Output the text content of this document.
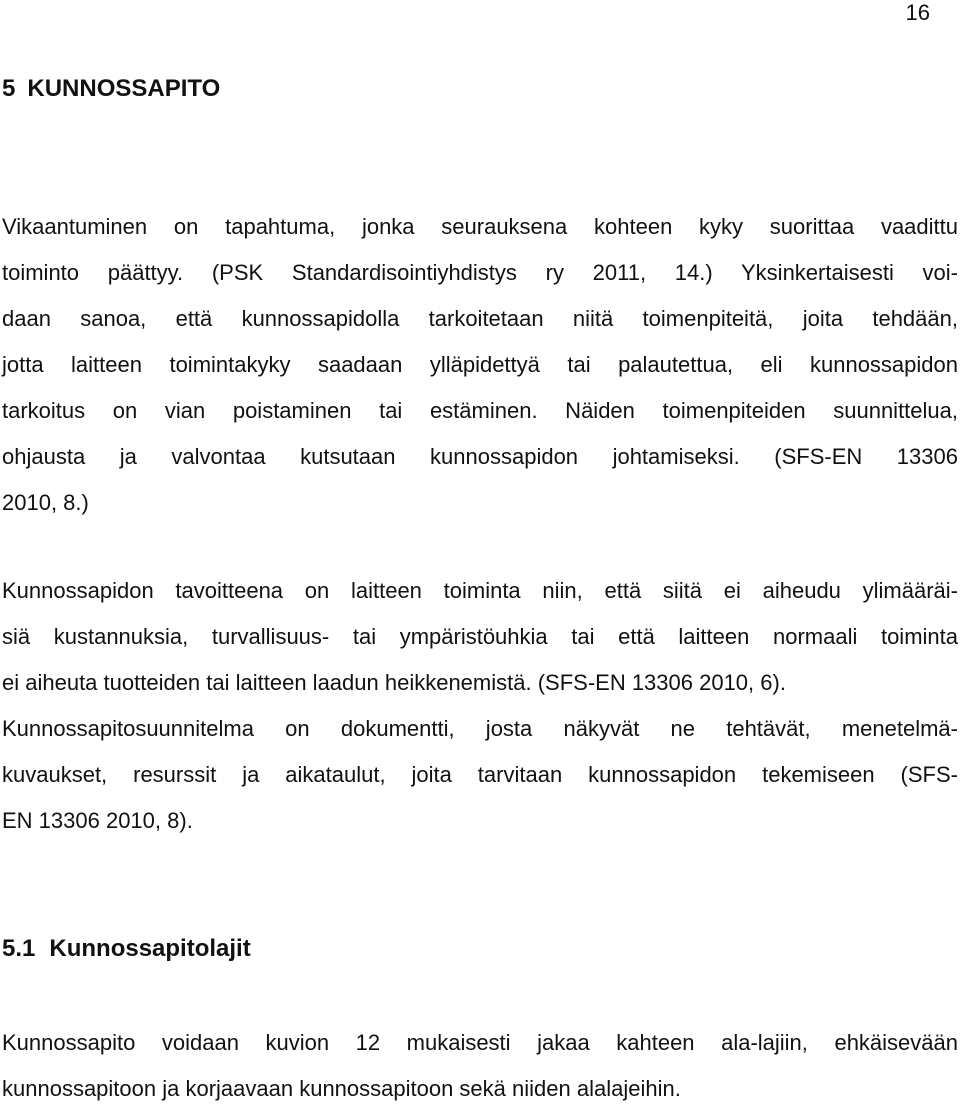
16
5 KUNNOSSAPITO
Vikaantuminen on tapahtuma, jonka seurauksena kohteen kyky suorittaa vaadittu
toiminto päättyy. (PSK Standardisointiyhdistys ry 2011, 14.) Yksinkertaisesti voi-
daan sanoa, että kunnossapidolla tarkoitetaan niitä toimenpiteitä, joita tehdään,
jotta laitteen toimintakyky saadaan ylläpidettyä tai palautettua, eli kunnossapidon
tarkoitus on vian poistaminen tai estäminen. Näiden toimenpiteiden suunnittelua,
ohjausta ja valvontaa kutsutaan kunnossapidon johtamiseksi. (SFS-EN 13306
2010, 8.)
Kunnossapidon tavoitteena on laitteen toiminta niin, että siitä ei aiheudu ylimääräi-
siä kustannuksia, turvallisuus- tai ympäristöuhkia tai että laitteen normaali toiminta
ei aiheuta tuotteiden tai laitteen laadun heikkenemistä. (SFS-EN 13306 2010, 6).
Kunnossapitosuunnitelma on dokumentti, josta näkyvät ne tehtävät, menetelmä-
kuvaukset, resurssit ja aikataulut, joita tarvitaan kunnossapidon tekemiseen (SFS-
EN 13306 2010, 8).
5.1 Kunnossapitolajit
Kunnossapito voidaan kuvion 12 mukaisesti jakaa kahteen ala-lajiin, ehkäisevään
kunnossapitoon ja korjaavaan kunnossapitoon sekä niiden alalajeihin.
